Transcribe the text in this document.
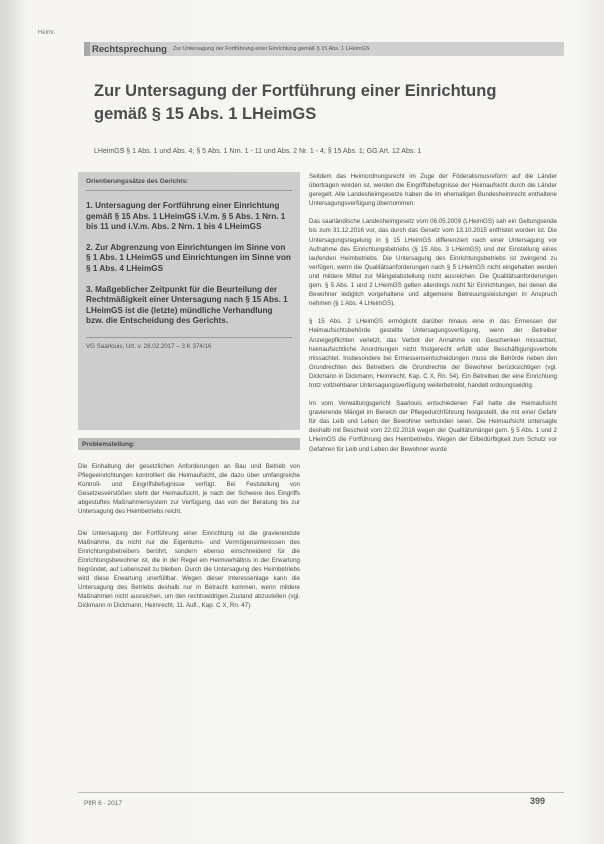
Heimr.
Rechtsprechung Zur Untersagung der Fortführung einer Einrichtung gemäß § 15 Abs. 1 LHeimGS
Zur Untersagung der Fortführung einer Einrichtung gemäß § 15 Abs. 1 LHeimGS
LHeimGS § 1 Abs. 1 und Abs. 4; § 5 Abs. 1 Nrn. 1 - 11 und Abs. 2 Nr. 1 - 4; § 15 Abs. 1; GG Art. 12 Abs. 1
Orientierungssätze des Gerichts:
1. Untersagung der Fortführung einer Einrichtung gemäß § 15 Abs. 1 LHeimGS i.V.m. § 5 Abs. 1 Nrn. 1 bis 11 und i.V.m. Abs. 2 Nrn. 1 bis 4 LHeimGS
2. Zur Abgrenzung von Einrichtungen im Sinne von § 1 Abs. 1 LHeimGS und Einrichtungen im Sinne von § 1 Abs. 4 LHeimGS
3. Maßgeblicher Zeitpunkt für die Beurteilung der Rechtmäßigkeit einer Untersagung nach § 15 Abs. 1 LHeimGS ist die (letzte) mündliche Verhandlung bzw. die Entscheidung des Gerichts.
VG Saarlouis, Urt. v. 28.02.2017 – 3 K 374/16
Problemstellung:

Die Einhaltung der gesetzlichen Anforderungen an Bau und Betrieb von Pflegeeinrichtungen kontrolliert die Heimaufsicht, die dazu über umfangreiche Kontroll- und Eingriffsbefugnisse verfügt. Bei Feststellung von Gesetzesverstößen steht der Heimaufsicht, je nach der Schwere des Eingriffs abgestuftes Maßnahmensystem zur Verfügung, das von der Beratung bis zur Untersagung des Heimbetriebs reicht.

Die Untersagung der Fortführung einer Einrichtung ist die gravierendste Maßnahme, da nicht nur die Eigentums- und Vermögensinteressen des Einrichtungsbetreibers berührt, sondern ebenso einschneidend für die Einrichtungsbewohner ist, die in der Regel ein Heimverhältnis in der Erwartung begründet, auf Lebenszeit zu bleiben. Durch die Untersagung des Heimbetriebs wird diese Erwartung unerfüllbar. Wegen dieser Interessenlage kann die Untersagung des Betriebs deshalb nur in Betracht kommen, wenn mildere Maßnahmen nicht ausreichen, um den rechtswidrigen Zustand abzustellen (vgl. Dickmann in Dickmann, Heimrecht, 11. Aufl., Kap. C X, Rn. 47).

Seitdem das Heimordnungsrecht im Zuge der Föderalismusreform auf die Länder übertragen worden ist, werden die Eingriffsbefugnisse der Heimaufsicht durch die Länder geregelt. Alle Landesheimgesetze haben die im ehemaligen Bundesheimrecht enthaltene Untersagungsverfügung übernommen.

Das saarländische Landesheimgesetz vom 06.05.2009 (LHeimGS) sah ein Geltungsende bis zum 31.12.2016 vor, das durch das Gesetz vom 13.10.2015 entfristet worden ist. Die Untersagungsregelung in § 15 LHeimGS differenziert nach einer Untersagung vor Aufnahme des Einrichtungsbetriebs (§ 15 Abs. 3 LHeimGS) und der Einstellung eines laufenden Heimbetriebs. Die Untersagung des Einrichtungsbetriebs ist zwingend zu verfügen, wenn die Qualitätsanforderungen nach § 5 LHeimGS nicht eingehalten werden und mildere Mittel zur Mängelabstellung nicht ausreichen. Die Qualitätsanforderungen gem. § 5 Abs. 1 und 2 LHeimGS gelten allerdings nicht für Einrichtungen, bei denen die Bewohner lediglich vorgehaltene und allgemeine Betreuungsleistungen in Anspruch nehmen (§ 1 Abs. 4 LHeimGS).

§ 15 Abs. 2 LHeimGS ermöglicht darüber hinaus eine in das Ermessen der Heimaufsichtsbehörde gestellte Untersagungsverfügung, wenn der Betreiber Anzeigepflichten verletzt, das Verbot der Annahme von Geschenken missachtet, heimaufsichtliche Anordnungen nicht fristgerecht erfüllt oder Beschäftigungsverbote missachtet. Insbesondere bei Ermessensentscheidungen muss die Behörde neben den Grundrechten des Betreibers die Grundrechte der Bewohner berücksichtigen (vgl. Dickmann in Dickmann, Heimrecht, Kap. C X, Rn. 54). Ein Betreiben der eine Einrichtung trotz vollziehbarer Untersagungsverfügung weiterbetreibt, handelt ordnungswidrig.

Im vom Verwaltungsgericht Saarlouis entschiedenen Fall hatte die Heimaufsicht gravierende Mängel im Bereich der Pflegedurchführung festgestellt, die mit einer Gefahr für das Leib und Leben der Bewohner verbunden seien. Die Heimaufsicht untersagte deshalb mit Bescheid vom 22.02.2016 wegen der Qualitätsmängel gem. § 5 Abs. 1 und 2 LHeimGS die Fortführung des Heimbetriebs. Wegen der Eilbedürftigkeit zum Schutz vor Gefahren für Leib und Leben der Bewohner wurde

PflR 6 · 2017	399
